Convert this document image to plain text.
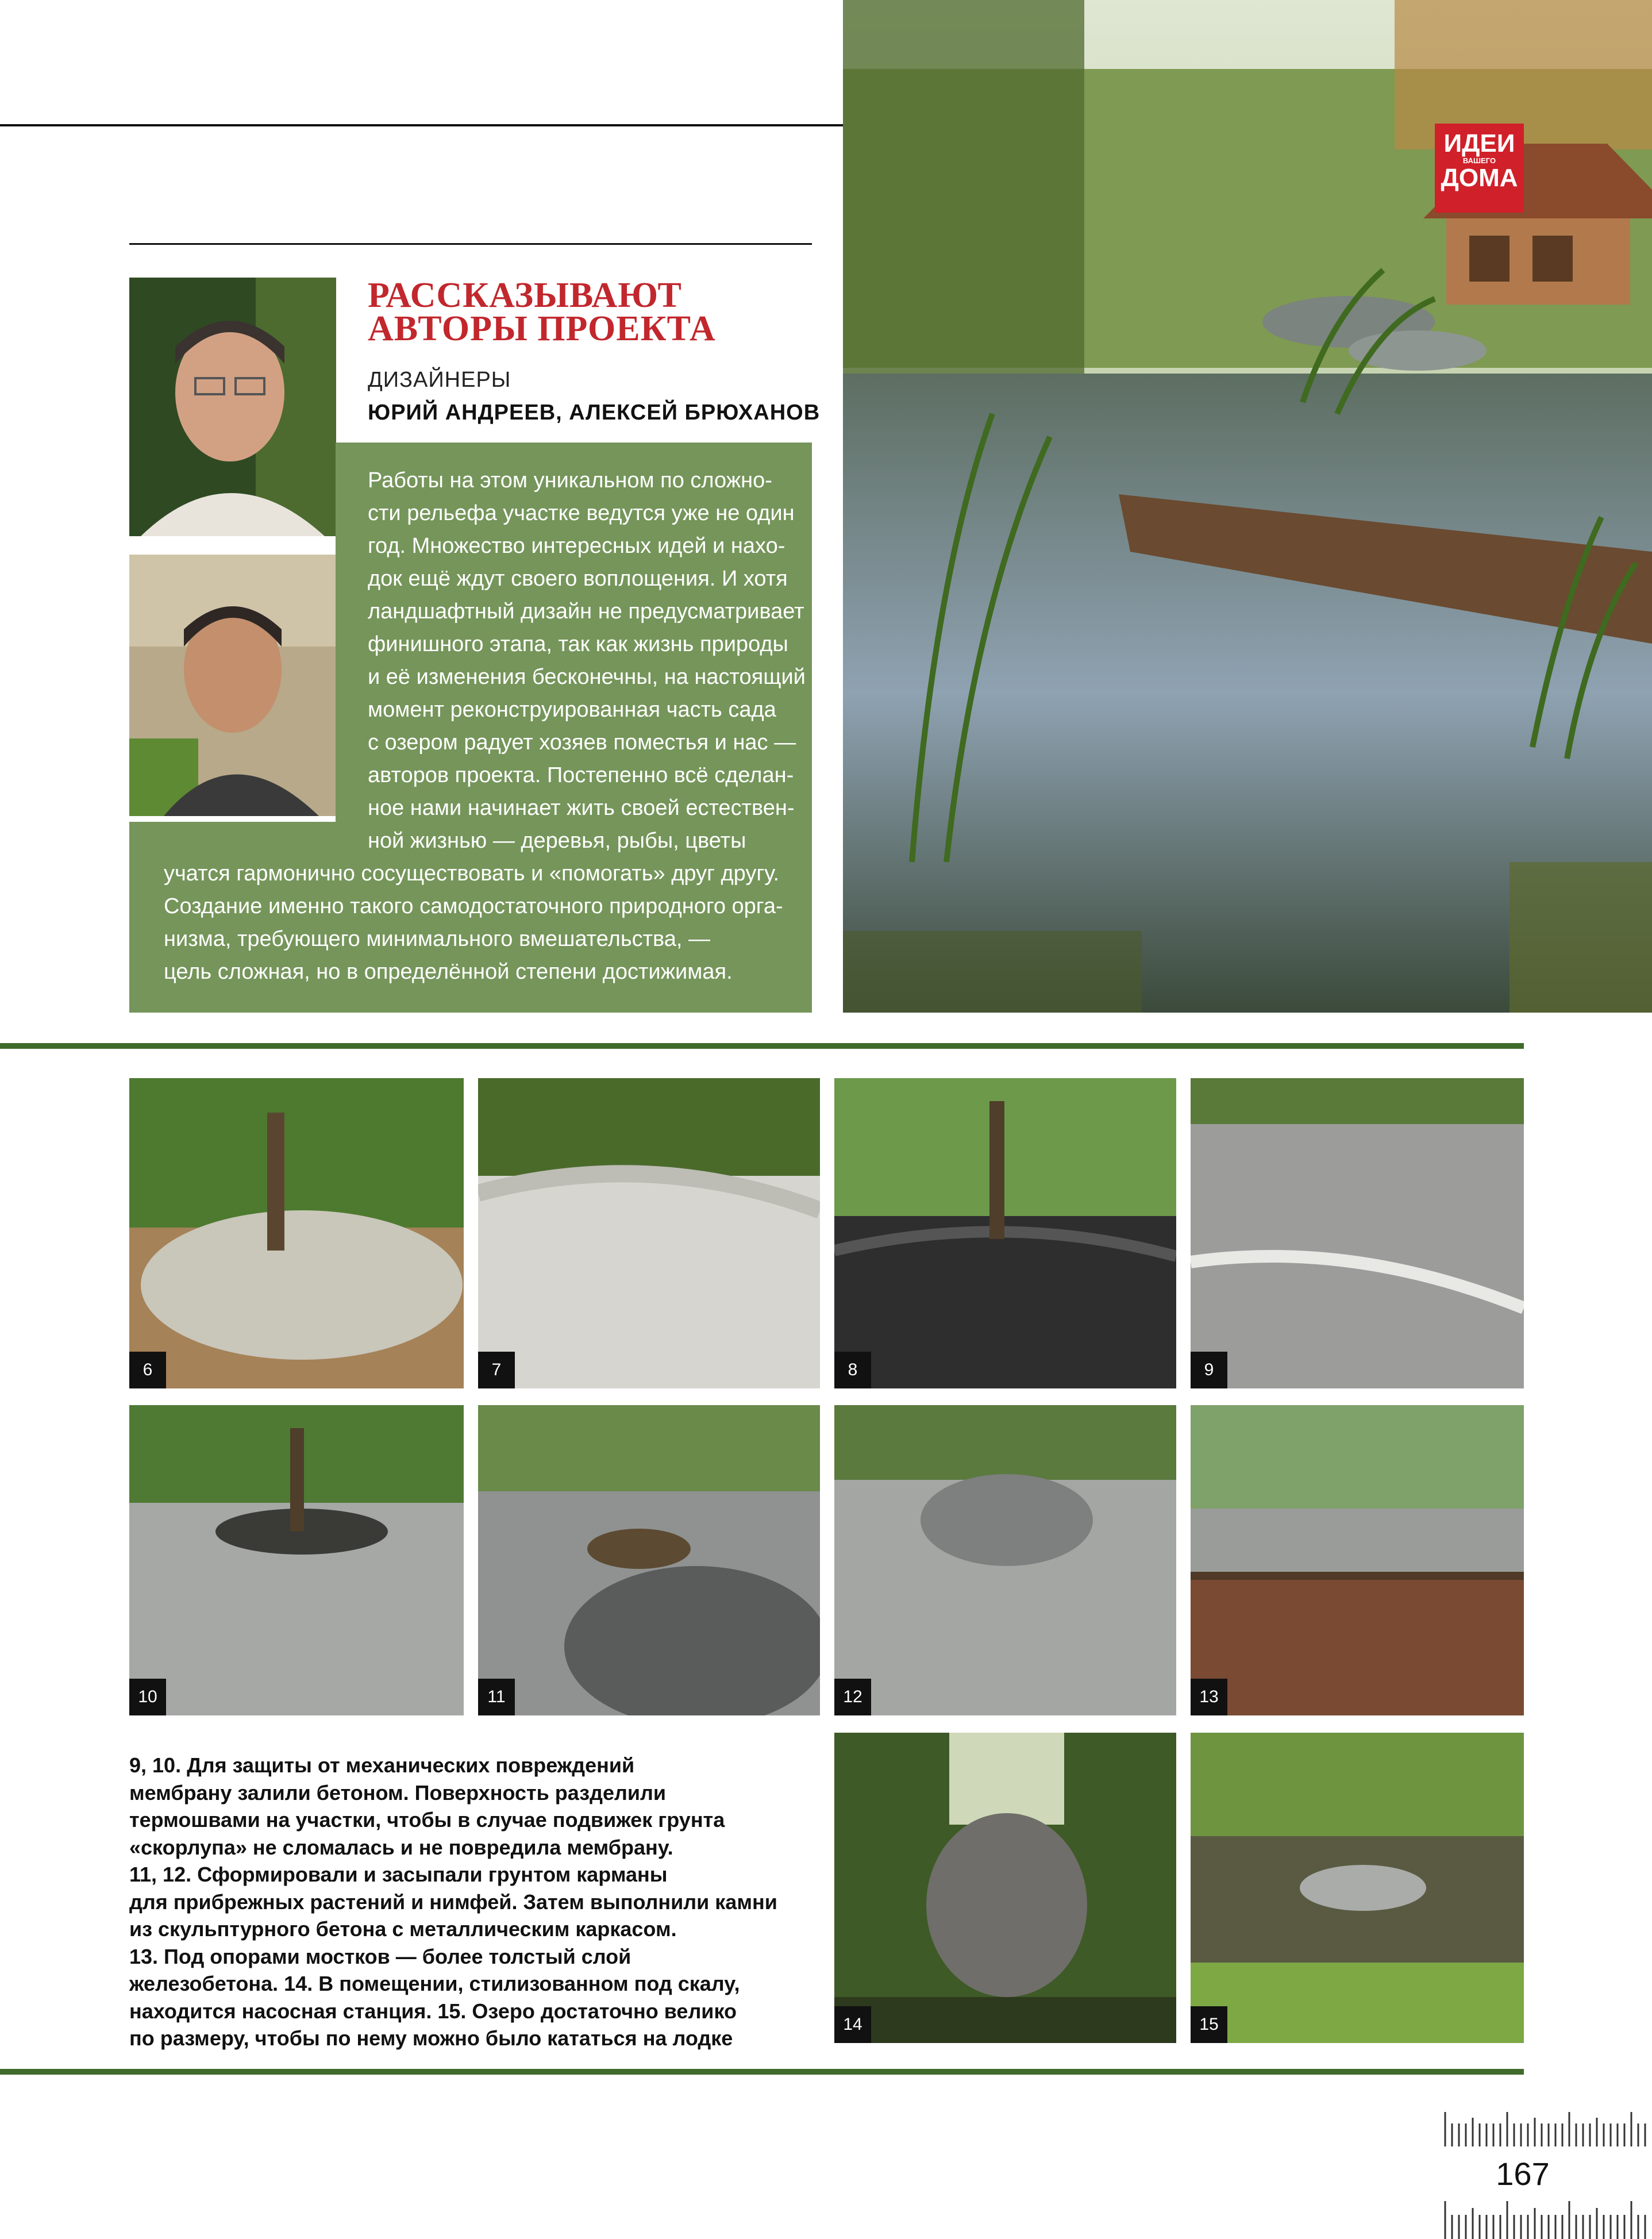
ИДЕИ
ВАШЕГО
ДОМА
РАССКАЗЫВАЮТ
АВТОРЫ ПРОЕКТА
ДИЗАЙНЕРЫ
ЮРИЙ АНДРЕЕВ, АЛЕКСЕЙ БРЮХАНОВ
Работы на этом уникальном по сложно-
сти рельефа участке ведутся уже не один
год. Множество интересных идей и нахо-
док ещё ждут своего воплощения. И хотя
ландшафтный дизайн не предусматривает
финишного этапа, так как жизнь природы
и её изменения бесконечны, на настоящий
момент реконструированная часть сада
с озером радует хозяев поместья и нас —
авторов проекта. Постепенно всё сделан-
ное нами начинает жить своей естествен-
ной жизнью — деревья, рыбы, цветы
учатся гармонично сосуществовать и «помогать» друг другу.
Создание именно такого самодостаточного природного орга-
низма, требующего минимального вмешательства, —
цель сложная, но в определённой степени достижимая.
6	7	8	9
10	11	12	13
14	15
9, 10. Для защиты от механических повреждений
мембрану залили бетоном. Поверхность разделили
термошвами на участки, чтобы в случае подвижек грунта
«скорлупа» не сломалась и не повредила мембрану.
11, 12. Сформировали и засыпали грунтом карманы
для прибрежных растений и нимфей. Затем выполнили камни
из скульптурного бетона с металлическим каркасом.
13. Под опорами мостков — более толстый слой
железобетона. 14. В помещении, стилизованном под скалу,
находится насосная станция. 15. Озеро достаточно велико
по размеру, чтобы по нему можно было кататься на лодке
167
